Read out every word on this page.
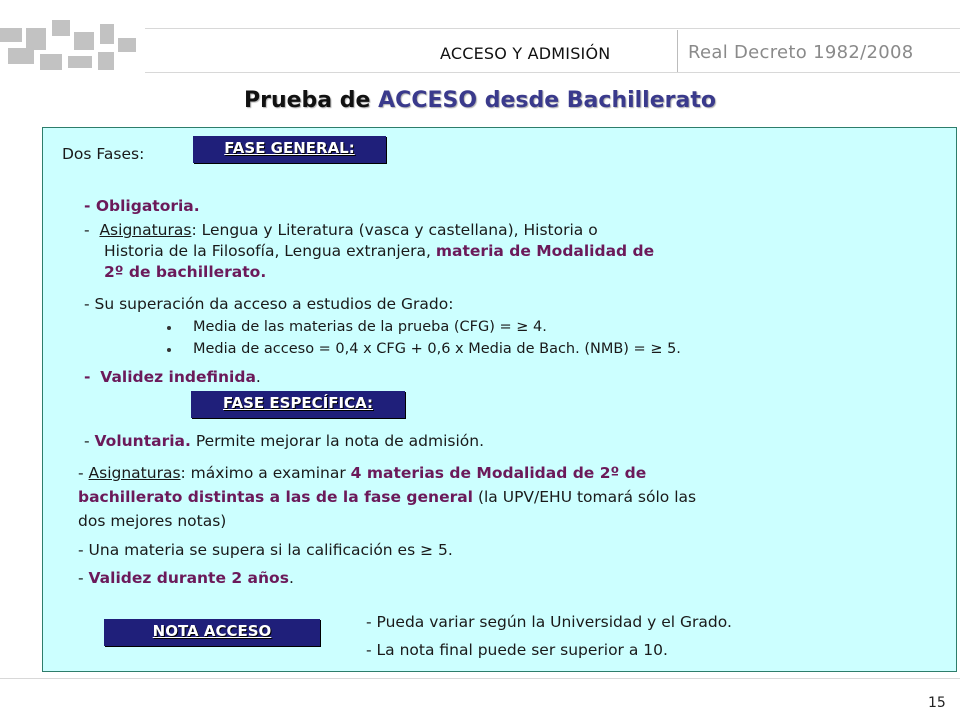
ACCESO Y ADMISIÓN	Real Decreto 1982/2008
Prueba de ACCESO desde Bachillerato
Dos Fases:	FASE GENERAL:
- Obligatoria.
- Asignaturas: Lengua y Literatura (vasca y castellana), Historia o
Historia de la Filosofía, Lengua extranjera, materia de Modalidad de
2º de bachillerato.
- Su superación da acceso a estudios de Grado:
Media de las materias de la prueba (CFG) = ≥ 4.
Media de acceso = 0,4 x CFG + 0,6 x Media de Bach. (NMB) = ≥ 5.
- Validez indefinida.
FASE ESPECÍFICA:
- Voluntaria. Permite mejorar la nota de admisión.
- Asignaturas: máximo a examinar 4 materias de Modalidad de 2º de
bachillerato distintas a las de la fase general (la UPV/EHU tomará sólo las
dos mejores notas)
- Una materia se supera si la calificación es ≥ 5.
- Validez durante 2 años.
NOTA ACCESO	- Pueda variar según la Universidad y el Grado.
- La nota final puede ser superior a 10.
15
